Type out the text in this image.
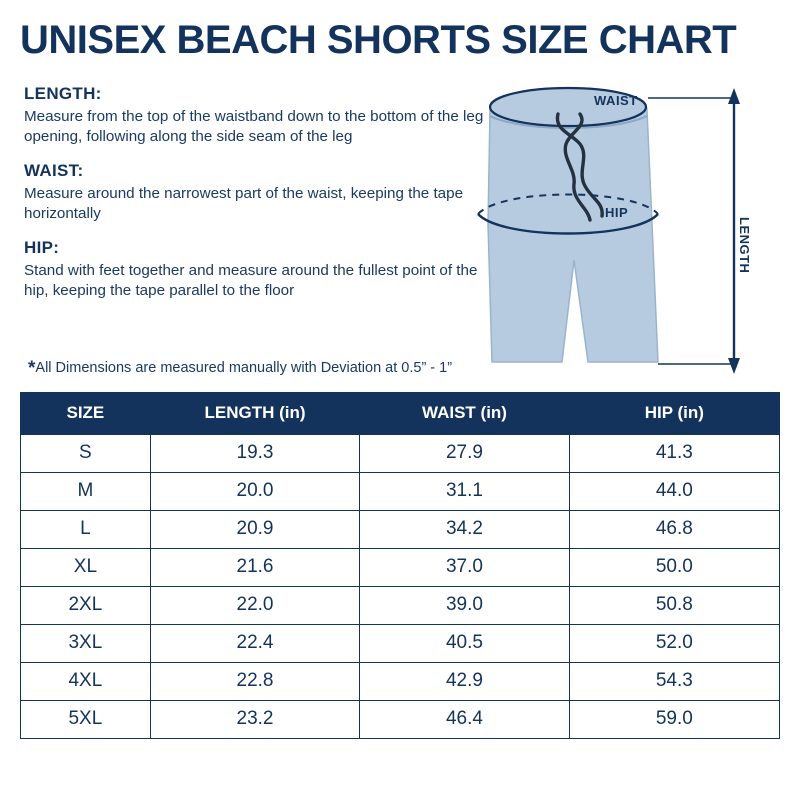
UNISEX BEACH SHORTS SIZE CHART
LENGTH:
Measure from the top of the waistband down to the bottom of the leg opening, following along the side seam of the leg
WAIST:
Measure around the narrowest part of the waist, keeping the tape horizontally
HIP:
Stand with feet together and measure around the fullest point of the hip, keeping the tape parallel to the floor
*All Dimensions are measured manually with Deviation at 0.5” - 1”
WAIST
HIP
LENGTH
SIZE	LENGTH (in)	WAIST (in)	HIP (in)
S	19.3	27.9	41.3
M	20.0	31.1	44.0
L	20.9	34.2	46.8
XL	21.6	37.0	50.0
2XL	22.0	39.0	50.8
3XL	22.4	40.5	52.0
4XL	22.8	42.9	54.3
5XL	23.2	46.4	59.0
